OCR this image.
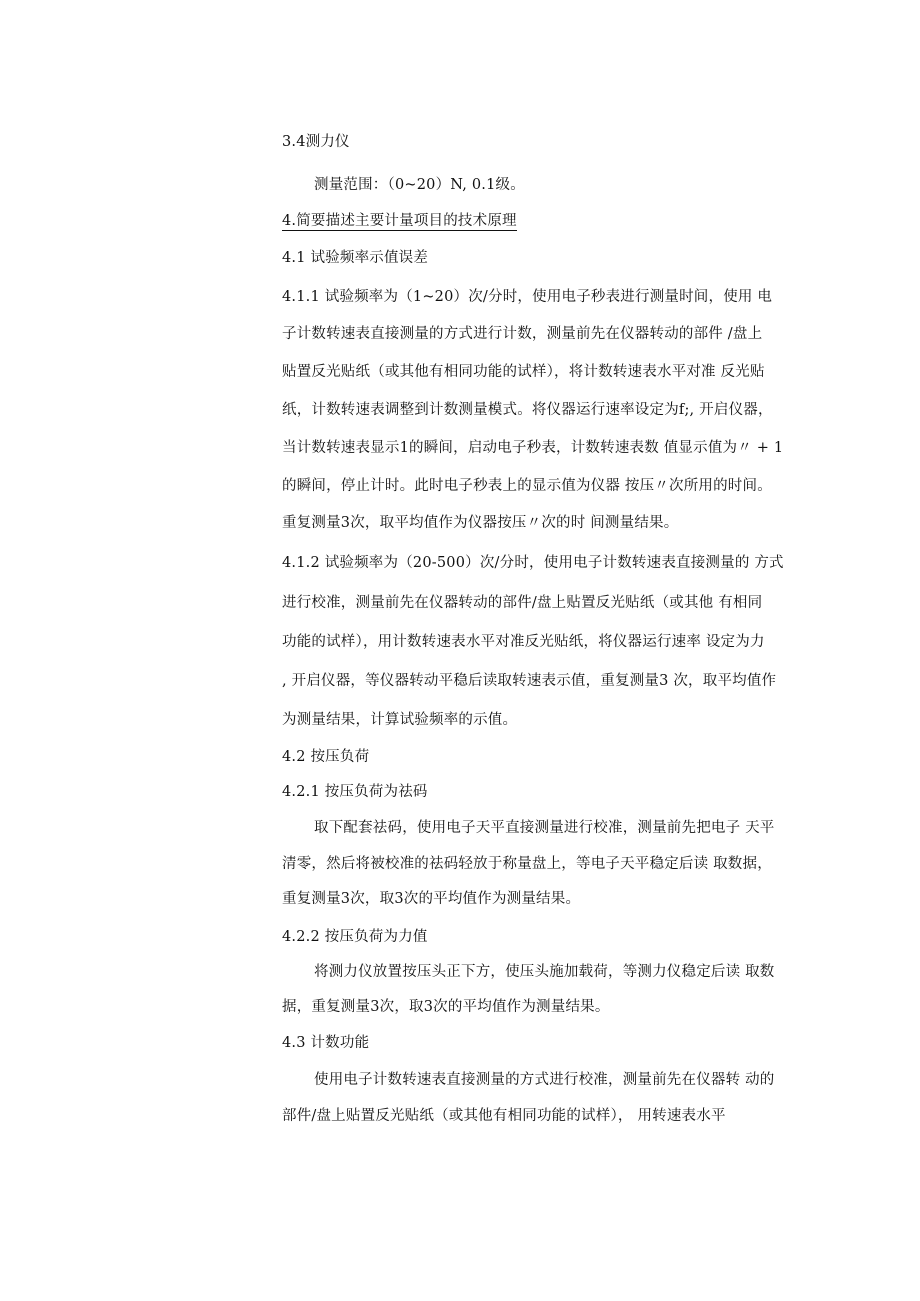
3.4测力仪
测量范围：（0~20）N, 0.1级。
4.简要描述主要计量项目的技术原理
4.1 试验频率示值误差
4.1.1 试验频率为（1~20）次/分时，使用电子秒表进行测量时间，使用 电
子计数转速表直接测量的方式进行计数，测量前先在仪器转动的部件 /盘上
贴置反光贴纸（或其他有相同功能的试样），将计数转速表水平对准 反光贴
纸，计数转速表调整到计数测量模式。将仪器运行速率设定为f;, 开启仪器，
当计数转速表显示1的瞬间，启动电子秒表，计数转速表数 值显示值为〃 + 1
的瞬间，停止计时。此时电子秒表上的显示值为仪器 按压〃次所用的时间。
重复测量3次，取平均值作为仪器按压〃次的时 间测量结果。
4.1.2 试验频率为（20-500）次/分时，使用电子计数转速表直接测量的 方式
进行校准，测量前先在仪器转动的部件/盘上贴置反光贴纸（或其他 有相同
功能的试样），用计数转速表水平对准反光贴纸，将仪器运行速率 设定为力
, 开启仪器，等仪器转动平稳后读取转速表示值，重复测量3 次，取平均值作
为测量结果，计算试验频率的示值。
4.2 按压负荷
4.2.1 按压负荷为祛码
取下配套祛码，使用电子天平直接测量进行校准，测量前先把电子 天平
清零，然后将被校准的祛码轻放于称量盘上，等电子天平稳定后读 取数据，
重复测量3次，取3次的平均值作为测量结果。
4.2.2 按压负荷为力值
将测力仪放置按压头正下方，使压头施加载荷，等测力仪稳定后读 取数
据，重复测量3次，取3次的平均值作为测量结果。
4.3 计数功能
使用电子计数转速表直接测量的方式进行校准，测量前先在仪器转 动的
部件/盘上贴置反光贴纸（或其他有相同功能的试样）， 用转速表水平
